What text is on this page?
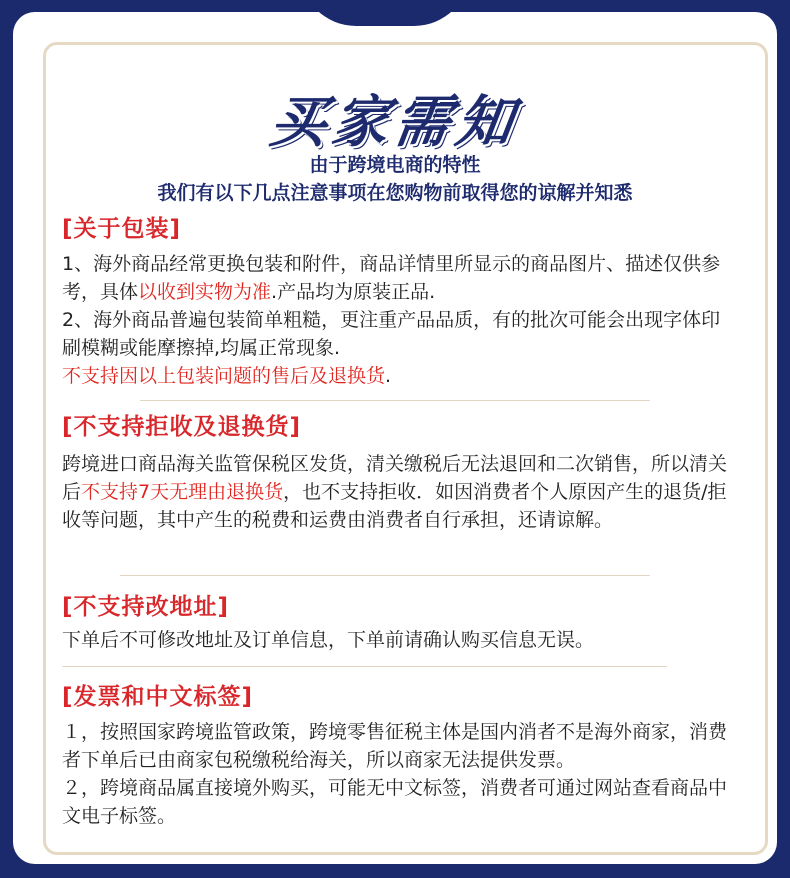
买家需知
由于跨境电商的特性
我们有以下几点注意事项在您购物前取得您的谅解并知悉
[关于包装]

1、海外商品经常更换包装和附件，商品详情里所显示的商品图片、描述仅供参考，具体以收到实物为准.产品均为原装正品.

2、海外商品普遍包装简单粗糙，更注重产品品质，有的批次可能会出现字体印刷模糊或能摩擦掉,均属正常现象.

不支持因以上包装问题的售后及退换货.

[不支持拒收及退换货]

跨境进口商品海关监管保税区发货，清关缴税后无法退回和二次销售，所以清关后不支持7天无理由退换货，也不支持拒收．如因消费者个人原因产生的退货/拒收等问题，其中产生的税费和运费由消费者自行承担，还请谅解。

[不支持改地址]

下单后不可修改地址及订单信息，下单前请确认购买信息无误。

[发票和中文标签]

１，按照国家跨境监管政策，跨境零售征税主体是国内消者不是海外商家，消费者下单后已由商家包税缴税给海关，所以商家无法提供发票。

２，跨境商品属直接境外购买，可能无中文标签，消费者可通过网站查看商品中文电子标签。
